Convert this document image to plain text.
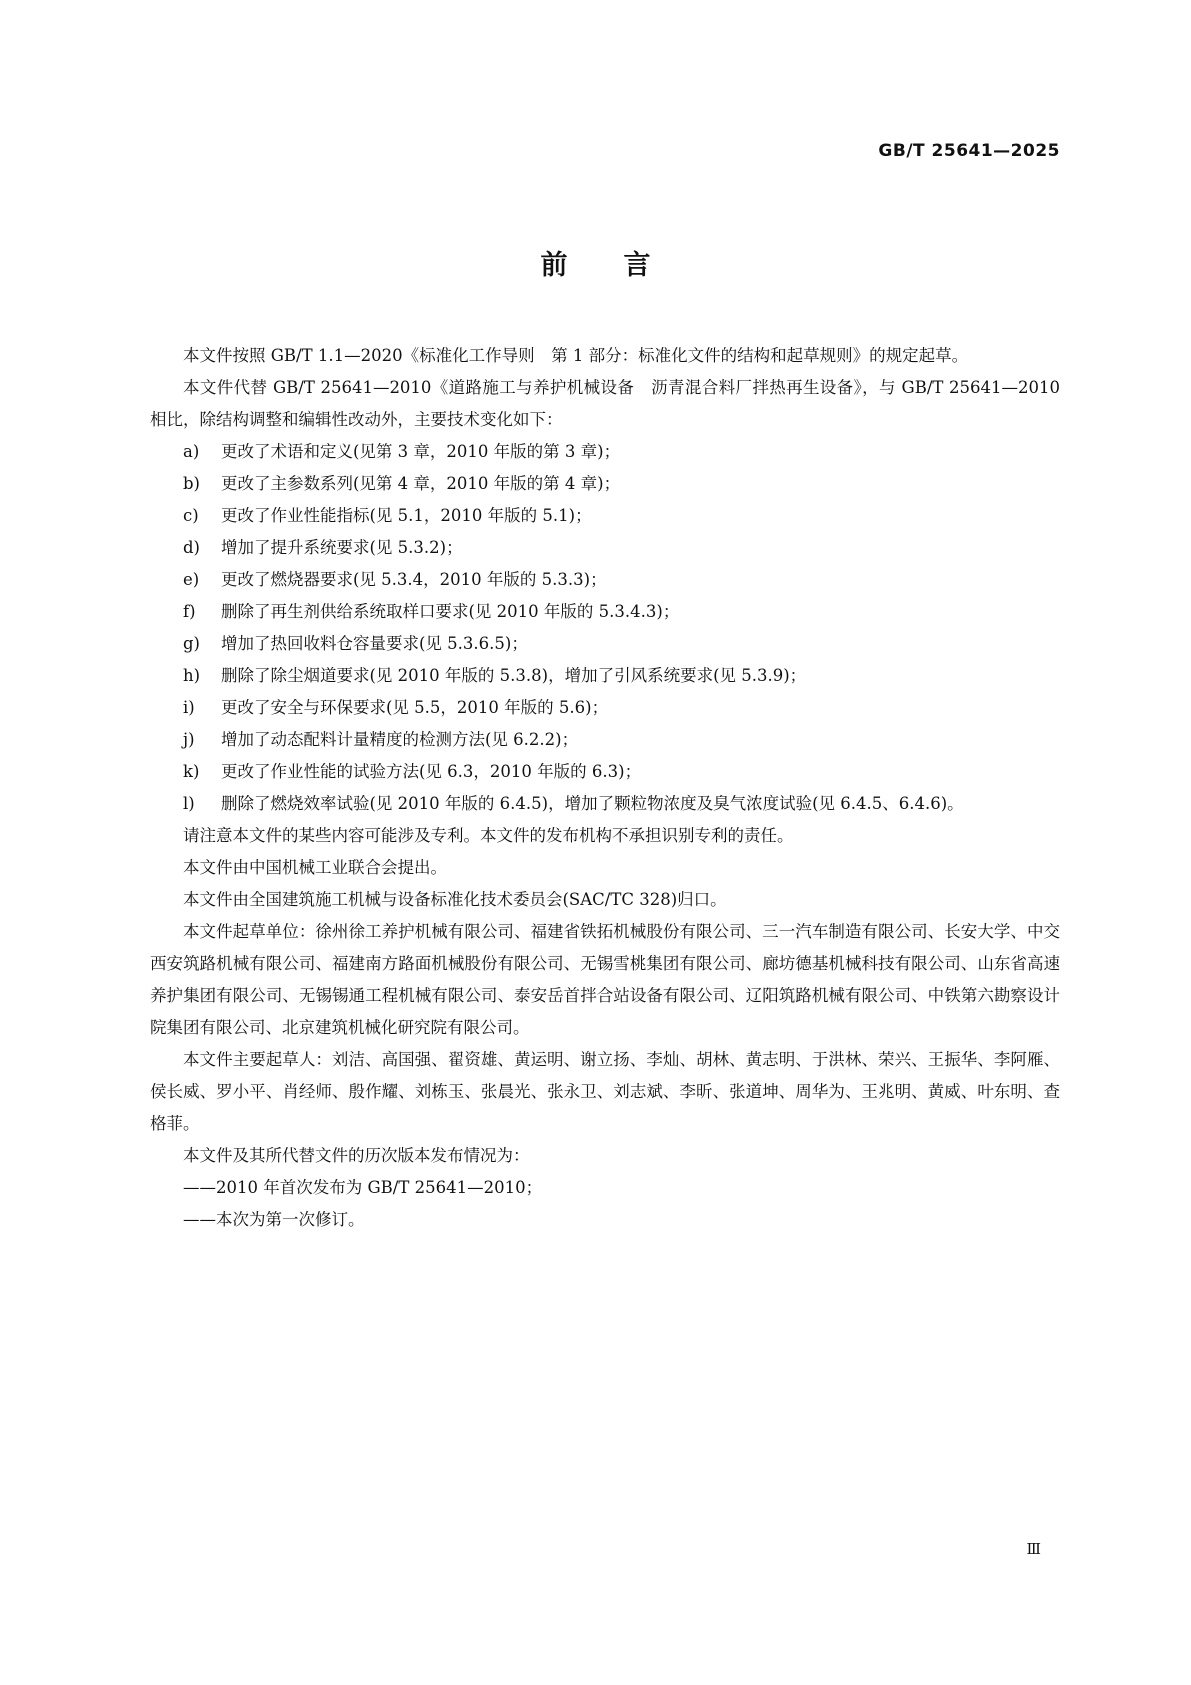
GB/T 25641—2025
前言

本文件按照 GB/T 1.1—2020《标准化工作导则　第 1 部分：标准化文件的结构和起草规则》的规定起草。

本文件代替 GB/T 25641—2010《道路施工与养护机械设备　沥青混合料厂拌热再生设备》，与 GB/T 25641—2010 相比，除结构调整和编辑性改动外，主要技术变化如下：

a) 更改了术语和定义(见第 3 章，2010 年版的第 3 章)；

b) 更改了主参数系列(见第 4 章，2010 年版的第 4 章)；

c) 更改了作业性能指标(见 5.1，2010 年版的 5.1)；

d) 增加了提升系统要求(见 5.3.2)；

e) 更改了燃烧器要求(见 5.3.4，2010 年版的 5.3.3)；

f) 删除了再生剂供给系统取样口要求(见 2010 年版的 5.3.4.3)；

g) 增加了热回收料仓容量要求(见 5.3.6.5)；

h) 删除了除尘烟道要求(见 2010 年版的 5.3.8)，增加了引风系统要求(见 5.3.9)；

i) 更改了安全与环保要求(见 5.5，2010 年版的 5.6)；

j) 增加了动态配料计量精度的检测方法(见 6.2.2)；

k) 更改了作业性能的试验方法(见 6.3，2010 年版的 6.3)；

l) 删除了燃烧效率试验(见 2010 年版的 6.4.5)，增加了颗粒物浓度及臭气浓度试验(见 6.4.5、6.4.6)。

请注意本文件的某些内容可能涉及专利。本文件的发布机构不承担识别专利的责任。

本文件由中国机械工业联合会提出。

本文件由全国建筑施工机械与设备标准化技术委员会(SAC/TC 328)归口。

本文件起草单位：徐州徐工养护机械有限公司、福建省铁拓机械股份有限公司、三一汽车制造有限公司、长安大学、中交西安筑路机械有限公司、福建南方路面机械股份有限公司、无锡雪桃集团有限公司、廊坊德基机械科技有限公司、山东省高速养护集团有限公司、无锡锡通工程机械有限公司、泰安岳首拌合站设备有限公司、辽阳筑路机械有限公司、中铁第六勘察设计院集团有限公司、北京建筑机械化研究院有限公司。

本文件主要起草人：刘洁、高国强、翟资雄、黄运明、谢立扬、李灿、胡林、黄志明、于洪林、荣兴、王振华、李阿雁、侯长威、罗小平、肖经师、殷作耀、刘栋玉、张晨光、张永卫、刘志斌、李昕、张道坤、周华为、王兆明、黄威、叶东明、查格菲。

本文件及其所代替文件的历次版本发布情况为：

——2010 年首次发布为 GB/T 25641—2010；

——本次为第一次修订。

Ⅲ
